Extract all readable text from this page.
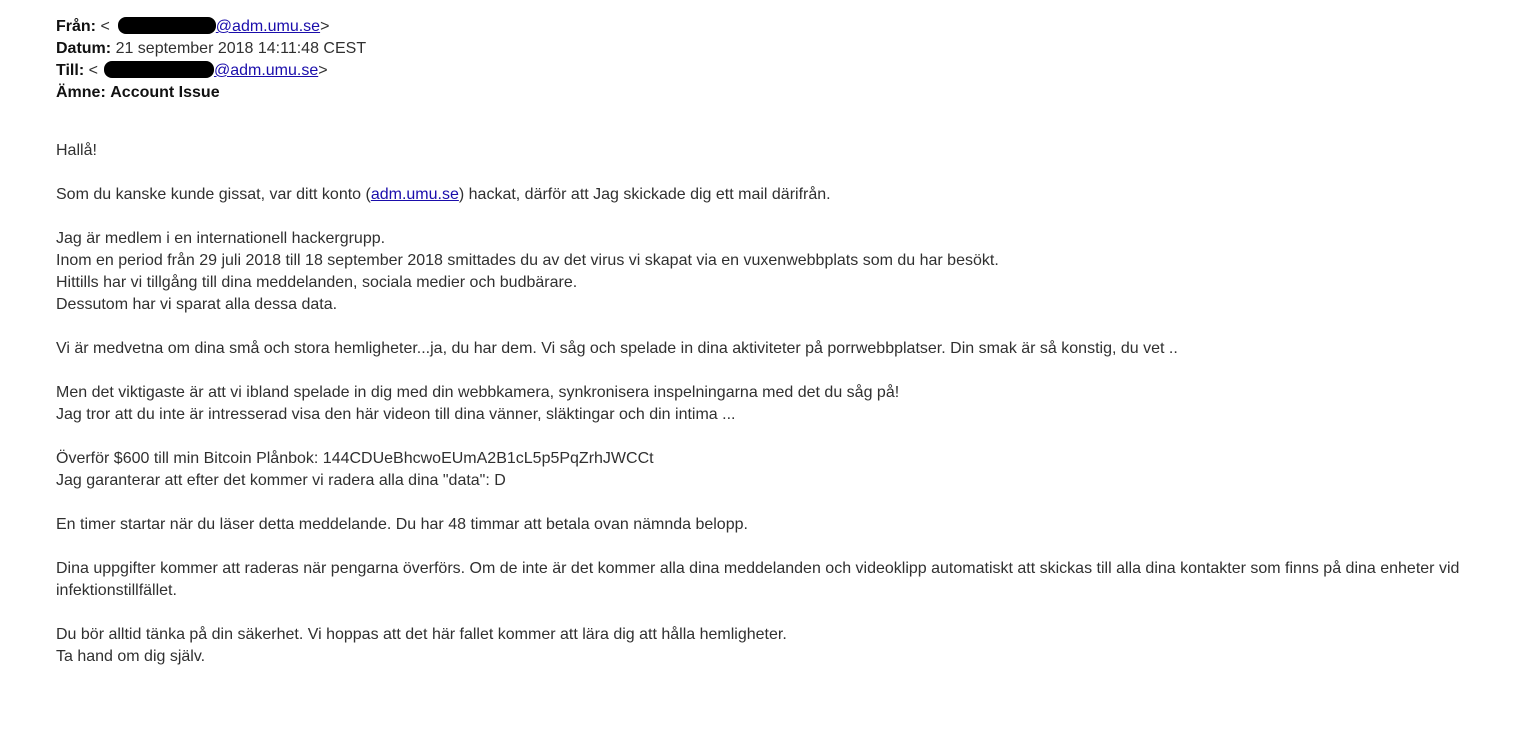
Från: <	@adm.umu.se>
Datum: 21 september 2018 14:11:48 CEST
Till: <	@adm.umu.se>
Ämne: Account Issue

Hallå!

Som du kanske kunde gissat, var ditt konto (adm.umu.se) hackat, därför att Jag skickade dig ett mail därifrån.

Jag är medlem i en internationell hackergrupp.
Inom en period från 29 juli 2018 till 18 september 2018 smittades du av det virus vi skapat via en vuxenwebbplats som du har besökt.
Hittills har vi tillgång till dina meddelanden, sociala medier och budbärare.
Dessutom har vi sparat alla dessa data.

Vi är medvetna om dina små och stora hemligheter...ja, du har dem. Vi såg och spelade in dina aktiviteter på porrwebbplatser. Din smak är så konstig, du vet ..

Men det viktigaste är att vi ibland spelade in dig med din webbkamera, synkronisera inspelningarna med det du såg på!
Jag tror att du inte är intresserad visa den här videon till dina vänner, släktingar och din intima ...

Överför $600 till min Bitcoin Plånbok: 144CDUeBhcwoEUmA2B1cL5p5PqZrhJWCCt
Jag garanterar att efter det kommer vi radera alla dina "data": D

En timer startar när du läser detta meddelande. Du har 48 timmar att betala ovan nämnda belopp.

Dina uppgifter kommer att raderas när pengarna överförs. Om de inte är det kommer alla dina meddelanden och videoklipp automatiskt att skickas till alla dina kontakter som finns på dina enheter vid infektionstillfället.

Du bör alltid tänka på din säkerhet. Vi hoppas att det här fallet kommer att lära dig att hålla hemligheter.
Ta hand om dig själv.
